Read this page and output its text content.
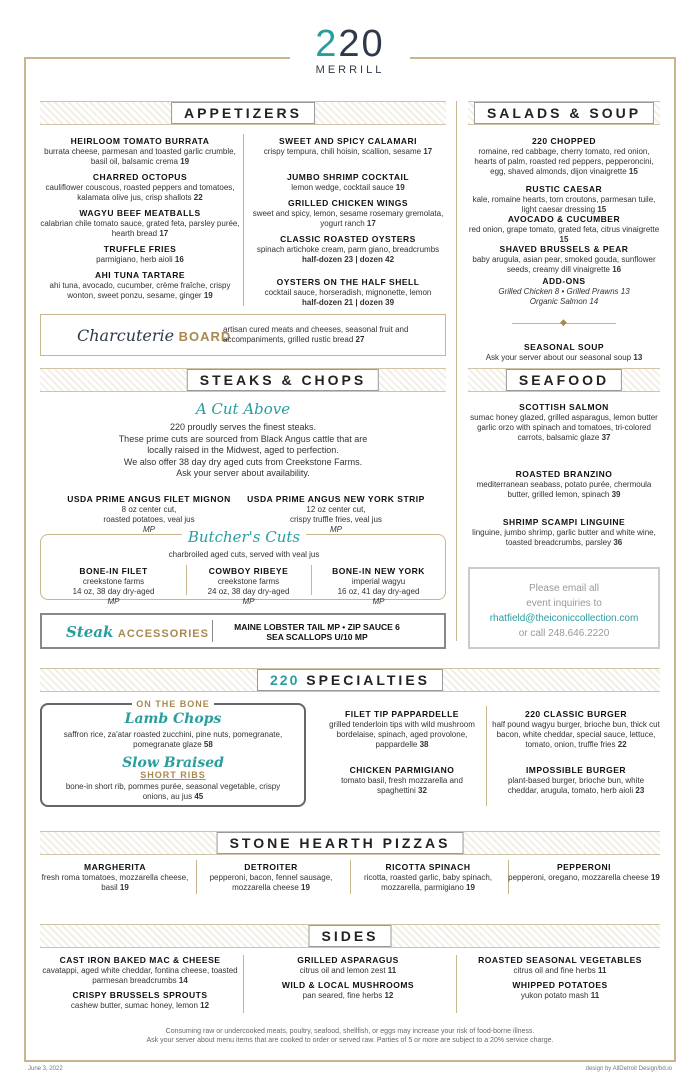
220
MERRILL
APPETIZERS
HEIRLOOM TOMATO BURRATA
burrata cheese, parmesan and toasted garlic crumble, basil oil, balsamic crema 19
CHARRED OCTOPUS
cauliflower couscous, roasted peppers and tomatoes, kalamata olive jus, crisp shallots 22
WAGYU BEEF MEATBALLS
calabrian chile tomato sauce, grated feta, parsley purée, hearth bread 17
TRUFFLE FRIES
parmigiano, herb aioli 16
AHI TUNA TARTARE
ahi tuna, avocado, cucumber, crème fraîche, crispy wonton, sweet ponzu, sesame, ginger 19
SWEET AND SPICY CALAMARI
crispy tempura, chili hoisin, scallion, sesame 17
JUMBO SHRIMP COCKTAIL
lemon wedge, cocktail sauce 19
GRILLED CHICKEN WINGS
sweet and spicy, lemon, sesame rosemary gremolata, yogurt ranch 17
CLASSIC ROASTED OYSTERS
spinach artichoke cream, parm giano, breadcrumbs
half-dozen 23 | dozen 42
OYSTERS ON THE HALF SHELL
cocktail sauce, horseradish, mignonette, lemon
half-dozen 21 | dozen 39
Charcuterie BOARD
artisan cured meats and cheeses, seasonal fruit and accompaniments, grilled rustic bread 27
SALADS & SOUP
220 CHOPPED
romaine, red cabbage, cherry tomato, red onion, hearts of palm, roasted red peppers, pepperoncini, egg, shaved almonds, dijon vinaigrette 15
RUSTIC CAESAR
kale, romaine hearts, torn croutons, parmesan tuile, light caesar dressing 15
AVOCADO & CUCUMBER
red onion, grape tomato, grated feta, citrus vinaigrette 15
SHAVED BRUSSELS & PEAR
baby arugula, asian pear, smoked gouda, sunflower seeds, creamy dill vinaigrette 16
ADD-ONS
Grilled Chicken 8 • Grilled Prawns 13
Organic Salmon 14
◆
SEASONAL SOUP
Ask your server about our seasonal soup 13
STEAKS & CHOPS
A Cut Above
220 proudly serves the finest steaks.
These prime cuts are sourced from Black Angus cattle that are
locally raised in the Midwest, aged to perfection.
We also offer 38 day dry aged cuts from Creekstone Farms.
Ask your server about availability.
USDA PRIME ANGUS FILET MIGNON
8 oz center cut,
roasted potatoes, veal jus
MP
USDA PRIME ANGUS NEW YORK STRIP
12 oz center cut,
crispy truffle fries, veal jus
MP
Butcher's Cuts
charbroiled aged cuts, served with veal jus
BONE-IN FILET
creekstone farms
14 oz, 38 day dry-aged
MP
COWBOY RIBEYE
creekstone farms
24 oz, 38 day dry-aged
MP
BONE-IN NEW YORK
imperial wagyu
16 oz, 41 day dry-aged
MP
Steak ACCESSORIES
MAINE LOBSTER TAIL MP • ZIP SAUCE 6
SEA SCALLOPS U/10 MP
SEAFOOD
SCOTTISH SALMON
sumac honey glazed, grilled asparagus, lemon butter garlic orzo with spinach and tomatoes, tri-colored carrots, balsamic glaze 37
ROASTED BRANZINO
mediterranean seabass, potato purée, chermoula butter, grilled lemon, spinach 39
SHRIMP SCAMPI LINGUINE
linguine, jumbo shrimp, garlic butter and white wine, toasted breadcrumbs, parsley 36
Please email all
event inquiries to
rhatfield@theiconiccollection.com
or call 248.646.2220
220 SPECIALTIES
ON THE BONE
Lamb Chops
saffron rice, za'atar roasted zucchini, pine nuts, pomegranate, pomegranate glaze 58
Slow Braised
SHORT RIBS
bone-in short rib, pommes purée, seasonal vegetable, crispy onions, au jus 45
FILET TIP PAPPARDELLE
grilled tenderloin tips with wild mushroom bordelaise, spinach, aged provolone, pappardelle 38
CHICKEN PARMIGIANO
tomato basil, fresh mozzarella and spaghettini 32
220 CLASSIC BURGER
half pound wagyu burger, brioche bun, thick cut bacon, white cheddar, special sauce, lettuce, tomato, onion, truffle fries 22
IMPOSSIBLE BURGER
plant-based burger, brioche bun, white cheddar, arugula, tomato, herb aioli 23
STONE HEARTH PIZZAS
MARGHERITA
fresh roma tomatoes, mozzarella cheese, basil 19
DETROITER
pepperoni, bacon, fennel sausage, mozzarella cheese 19
RICOTTA SPINACH
ricotta, roasted garlic, baby spinach, mozzarella, parmigiano 19
PEPPERONI
pepperoni, oregano, mozzarella cheese 19
SIDES
CAST IRON BAKED MAC & CHEESE
cavatappi, aged white cheddar, fontina cheese, toasted parmesan breadcrumbs 14
CRISPY BRUSSELS SPROUTS
cashew butter, sumac honey, lemon 12
GRILLED ASPARAGUS
citrus oil and lemon zest 11
WILD & LOCAL MUSHROOMS
pan seared, fine herbs 12
ROASTED SEASONAL VEGETABLES
citrus oil and fine herbs 11
WHIPPED POTATOES
yukon potato mash 11
Consuming raw or undercooked meats, poultry, seafood, shellfish, or eggs may increase your risk of food-borne illness.
Ask your server about menu items that are cooked to order or served raw. Parties of 5 or more are subject to a 20% service charge.
June 3, 2022	design by AllDetroit Design/bd.io
